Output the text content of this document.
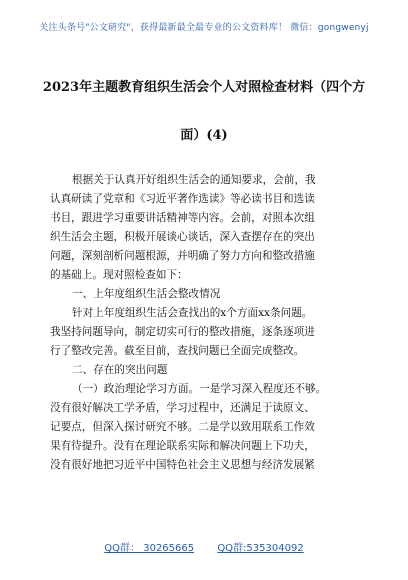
关注头条号"公文研究"，获得最新最全最专业的公文资料库！ 微信：gongwenyj
2023年主题教育组织生活会个人对照检查材料（四个方
面）(4)
根据关于认真开好组织生活会的通知要求，会前，我
认真研读了党章和《习近平著作选读》等必读书目和选读
书目，跟进学习重要讲话精神等内容。会前，对照本次组
织生活会主题，积极开展谈心谈话，深入查摆存在的突出
问题，深刻剖析问题根源，并明确了努力方向和整改措施
的基础上。现对照检查如下：
一、上年度组织生活会整改情况
针对上年度组织生活会查找出的x个方面xx条问题。
我坚持问题导向，制定切实可行的整改措施，逐条逐项进
行了整改完善。截至目前，查找问题已全面完成整改。
二、存在的突出问题
（一）政治理论学习方面。一是学习深入程度还不够。
没有很好解决工学矛盾，学习过程中，还满足于读原文、
记要点，但深入探讨研究不够。二是学以致用联系工作效
果有待提升。没有在理论联系实际和解决问题上下功夫，
没有很好地把习近平中国特色社会主义思想与经济发展紧
QQ群： 30265665 QQ群:535304092
